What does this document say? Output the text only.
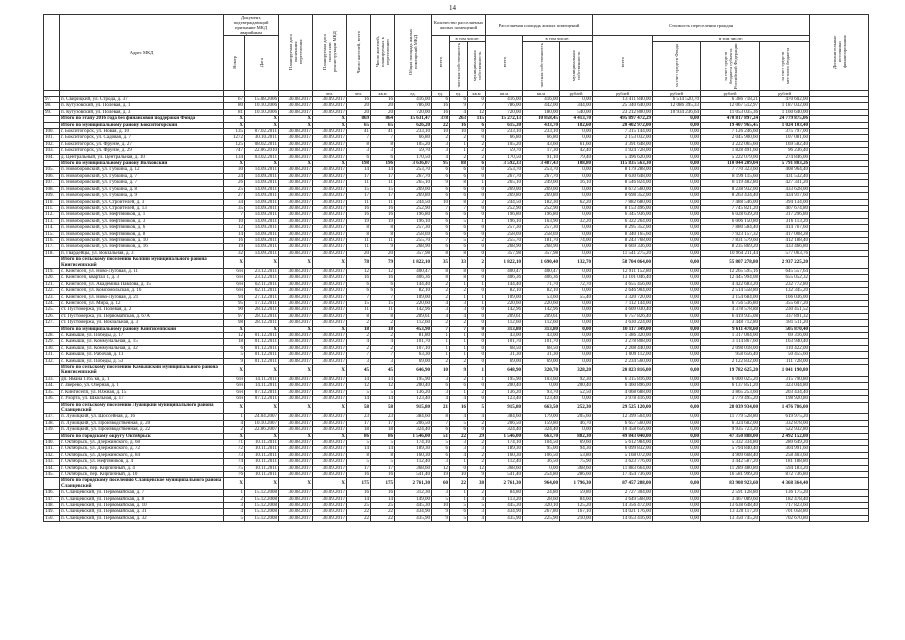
14
	Адрес МКД	Документ, подтверждающий признание МКД аварийным		Планируемая дата окончания переселения	Планируемая дата сноса или реконструкции МКД	Число жителей, всего	Число жителей, планируемых к переселению	Общая площадь жилых помещений МКД	Количество расселяемых жилых помещений			Расселяемая площадь жилых помещений			Стоимость переселения граждан				Дополнительные источники финансирования
		Номер	Дата						всего	в том числе:		всего	в том числе:		всего	в том числе:			
										частная собственность	муниципальная собственность		частная собственность	муниципальная собственность		за счет средств Фонда	за счет средств бюджета субъекта Российской Федерации	за счет средств местного бюджета	
					чел.	чел.	кв.м	ед.	ед.	ед.	кв.м	кв.м	кв.м	рублей	рублей	рублей	рублей	рублей	
97.	п. Свирицкий, ул. Строда, д. 37	67	15.08.2006	30.08.2017	30.09.2017	16	16	416,00	6	6	0	416,00	416,00	0,00	13 411 840,00	6 514 520,70	6 386 718,21	470 602,00	
98.	п. Кутузовский, ул. Полевая, д. 1	80	10.10.2006	30.08.2017	30.09.2017	20	20	786,00	16	9	7	786,00	442,00	344,00	25 340 640,00	12 086 395,33	12 067 512,97	1 187 032,00	
99.	п. Кутузовский, ул. Полевая, д. 3	81	10.10.2006	30.08.2017	30.09.2017	20	20	720,00	16	4	12	720,00	180,00	540,00	23 212 800,00	10 934 236,64	11 053 035,36	1 160 640,00	
	Итого по этапу 2016 года без финансовой поддержки Фонда	X	X	X	X	869	864	15 631,47	378	263	115	15 272,13	10 858,45	4 413,70	495 897 472,29	0,00	470 817 897,24	24 779 875,06	
	Итого по муниципальному району Бокситогорский	X	X	X	X	65	65	626,20	22	16	6	615,30	433,70	182,60	20 402 972,00	0,00	19 407 965,45	1 024 103,40	
100.	г. Бокситогорск, ул. Новая, д. 10	135	07.02.2011	30.08.2017	30.09.2017	41	41	233,10	10	10	0	233,10	233,10	0,00	7 315 144,00	0,00	7 126 246,60	375 797,00	
101.	г. Бокситогорск, ул. Садовая, д. 7	1272	30.10.2011	30.08.2017	30.09.2017	7	7	66,80	2	2	0	66,80	66,80	0,00	2 153 032,00	0,00	2 045 900,60	107 081,60	
102.	г. Бокситогорск, ул. Фрунзе, д. 27	125	08.02.2011	30.08.2017	30.09.2017	8	8	105,20	3	1	2	105,20	43,60	61,60	3 391 648,00	0,00	3 222 065,60	169 582,40	
103.	г. Бокситогорск, ул. Фрунзе, д. 29	747	22.06.2010	30.08.2017	30.09.2017	3	3	59,70	3	1	2	59,70	17,30	42,40	1 924 728,00	0,00	1 828 491,60	96 236,40	
104.	д. Центральный, ул. Центральная, д. 10	134	03.02.2011	30.08.2017	30.09.2017	6	6	170,50	4	2	2	170,50	91,10	79,40	5 496 620,00	0,00	5 222 079,00	274 846,00	
	Итого по муниципальному району Волховский	X	X	X	X	198	196	3 636,07	95	88	6	3 592,33	3 487,43	108,80	115 835 563,30	0,00	110 044 209,04	5 791 803,26	
105.	п. Новоборовский, ул. Губкина, д. 12	30	14.09.2011	30.08.2017	30.09.2017	14	14	253,70	6	6	0	253,70	253,70	0,00	8 179 288,00	0,00	7 770 323,60	408 964,40	
106.	п. Новоборовский, ул. Губкина, д. 7	24	14.09.2011	30.08.2017	30.09.2017	17	17	267,70	6	6	0	267,70	267,70	0,00	8 630 648,00	0,00	8 199 115,60	431 532,40	
107.	п. Новоборовский, ул. Губкина, д. 7	26	14.09.2011	30.08.2017	30.09.2017	11	11	265,10	9	8	1	265,10	249,00	16,10	8 546 824,00	0,00	8 119 482,80	427 341,20	
108.	п. Новоборовский, ул. Губкина, д. 8	25	14.09.2011	30.08.2017	30.09.2017	15	15	269,00	6	6	0	269,00	269,00	0,00	8 672 560,00	0,00	8 238 932,00	433 628,00	
109.	п. Новоборовский, ул. Губкина, д. 9	27	14.09.2011	30.08.2017	30.09.2017	17	17	269,80	6	6	0	269,80	269,80	0,00	8 698 352,00	0,00	8 263 434,40	434 917,60	
110.	п. Новоборовский, ул. Строителей, д. 3	34	14.09.2011	30.08.2017	30.09.2017	11	11	244,50	10	8	2	244,50	182,30	62,20	7 882 680,00	0,00	7 488 546,00	394 134,00	
111.	п. Новоборовский, ул. Строителей, д. 13	35	14.09.2011	30.08.2017	30.09.2017	16	16	252,90	7	7	0	252,90	252,90	0,00	8 153 496,00	0,00	7 745 821,20	407 674,80	
112.	п. Новоборовский, ул. Нефтяников, д. 1	7	14.09.2011	30.08.2017	30.09.2017	16	16	196,80	6	6	0	196,80	196,80	0,00	6 345 936,00	0,00	6 028 639,20	317 296,80	
113.	п. Новоборовский, ул. Нефтяников, д. 3	10	14.09.2011	30.08.2017	30.09.2017	19	19	196,10	6	5	1	196,10	163,90	32,20	6 322 264,00	0,00	6 006 150,80	316 113,20	
114.	п. Новоборовский, ул. Нефтяников, д. 6	12	14.09.2011	30.08.2017	30.09.2017	8	8	257,30	6	6	0	257,30	257,30	0,00	8 295 352,00	0,00	7 880 584,40	414 767,60	
115.	п. Новоборовский, ул. Нефтяников, д. 8	14	14.09.2011	30.08.2017	30.09.2017	8	8	258,69	6	6	0	258,69	258,69	0,00	8 340 165,60	0,00	7 923 157,32	417 008,28	
116.	п. Новоборовский, ул. Нефтяников, д. 10	16	14.09.2011	30.08.2017	30.09.2017	11	11	255,70	7	5	2	255,70	181,70	74,00	8 243 768,00	0,00	7 831 579,60	412 188,40	
117.	п. Новоборовский, ул. Нефтяников, д. 16	19	14.09.2011	30.08.2017	30.09.2017	11	9	268,90	6	6	0	268,90	268,90	0,00	8 669 336,00	0,00	8 235 869,20	433 466,80	
118.	п. Гвардейцы, ул. Вокзальная, д. 3	32	14.09.2011	30.08.2017	30.09.2017	20	20	357,98	8	8	0	357,98	357,98	0,00	11 541 275,20	0,00	10 964 211,44	577 063,76	
	Итого по сельскому поселению Колпин муниципального района Кингисеппский	X	X	X	X	78	79	1 822,10	35	33	2	1 822,10	1 690,40	132,70	58 704 064,00	0,00	55 807 278,80	2 937 225,20	
119.	с. Кингисеп, ул. Ново-Луговая, д. 11	6/н	23.12.2011	30.08.2017	30.09.2017	12	12	400,47	8	8	0	400,47	400,47	0,00	12 911 152,80	0,00	12 265 595,16	645 557,64	
120.	с. Кингисеп, квартал 1, д. 3	6/н	23.12.2011	30.08.2017	30.09.2017	16	16	406,36	8	8	0	406,36	406,36	0,00	13 101 046,40	0,00	12 445 994,08	655 052,32	
121.	с. Кингисеп, ул. Академика Павлова, д. 15	6/н	02.11.2011	30.08.2017	30.09.2017	6	6	144,40	2	1	1	144,40	71,70	72,70	4 655 456,00	0,00	4 422 683,20	232 772,80	
122.	с. Кингисеп, ул. Комсомольская, д. 16	6/н	02.11.2011	30.08.2017	30.09.2017	6	6	82,10	2	2	0	82,10	82,10	0,00	2 646 904,00	0,00	2 514 558,80	132 345,20	
123.	с. Кингисеп, ул. Ново-Луговая, д. 21	94	27.12.2011	30.08.2017	30.09.2017	7	7	109,00	2	1	1	109,00	53,60	55,40	3 320 720,00	0,00	3 154 684,00	166 036,00	
124.	с. Кингисеп, ул. Мира, д. 12	95	17.12.2011	30.08.2017	30.09.2017	15	15	220,60	4	3	1	220,60	220,60	0,00	7 112 144,00	0,00	6 756 536,80	355 607,20	
125.	ст. Пустомержа, ул. Полевая, д. 2	90	28.12.2011	30.08.2017	30.09.2017	11	11	142,96	3	3	0	142,96	142,96	0,00	4 609 030,40	0,00	4 378 578,88	230 451,52	
126.	ст. Пустомержа, ул. Первомайская, д. 67А	97	28.12.2011	30.08.2017	30.09.2017	8	8	209,61	4	4	0	209,61	209,61	0,00	6 757 826,40	0,00	6 419 935,08	337 891,32	
127.	ст. Пустомержа, ул. Вокзальная, д. 3	98	28.12.2011	30.08.2017	30.09.2017	2	2	112,60	2	2	0	112,60	112,60	0,00	3 630 224,00	0,00	3 448 712,80	181 511,20	
	Итого по муниципальному району Кингисеппский	X	X	X	X	18	18	453,90	7	7	0	313,80	313,80	0,00	10 117 349,00	0,00	9 611 478,60	505 870,40	
128.	с. Камыши, ул. Победы, д. 17	12	01.12.2011	30.08.2017	30.09.2017	2	2	81,80	1	1	0	43,00	43,00	0,00	1 386 320,00	0,00	1 317 004,00	69 316,00	
129.	с. Камыши, ул. Коммунальная, д. 15	18	01.12.2011	30.08.2017	30.09.2017	4	4	101,70	1	1	0	101,70	101,70	0,00	3 278 808,00	0,00	3 114 867,60	163 940,40	
130.	с. Камыши, ул. Коммунальная, д. 32	6	01.12.2011	30.08.2017	30.09.2017	2	2	107,10	1	1	0	68,50	68,50	0,00	2 208 440,00	0,00	2 098 018,00	110 422,00	
131.	с. Камыши, ул. Рабочая, д. 11	5	01.12.2011	30.08.2017	30.09.2017	7	7	63,30	1	1	0	31,30	31,30	0,00	1 009 112,00	0,00	958 656,40	50 455,60	
132.	с. Камыши, ул. Победы, д. 53	9	01.12.2011	30.08.2017	30.09.2017	3	3	69,00	2	2	0	69,00	69,00	0,00	2 234 560,00	0,00	2 122 832,00	111 728,00	
	Итого по сельскому поселению Камышский муниципального района Кингисеппский	X	X	X	X	45	45	646,90	10	9	1	648,90	320,70	328,20	20 823 816,00	0,00	19 782 625,20	1 041 190,80	
133.	дп. Ямана 1165 кв, д. 1	6/н	14.11.2011	30.08.2017	30.09.2017	14	14	195,90	3	2	1	195,90	103,60	92,30	6 315 816,00	0,00	6 000 025,20	315 790,80	
134.	г. Зверево, ул. Озерная, д. 1	6/н	14.11.2011	30.08.2017	30.09.2017	12	12	200,40	6	6	0	200,40	0,00	200,40	6 460 896,00	0,00	6 137 851,20	323 044,80	
135.	г. Кингисепп, ул. Южная, д. 15	6/н	07.12.2011	30.08.2017	30.09.2017	5	5	136,20	3	1	2	136,20	93,70	52,50	4 068 688,00	0,00	3 865 253,60	203 434,40	
136.	г. Ухорта, ул. Школьная, д. 17	6/н	07.12.2011	30.08.2017	30.09.2017	14	14	123,40	4	4	0	123,40	123,40	0,00	3 978 416,00	0,00	3 779 495,20	198 920,80	
	Итого по сельскому поселению Лужицкий муниципального района Сланцевский	X	X	X	X	58	58	915,80	21	16	5	915,80	663,50	252,30	29 525 120,00	0,00	28 039 934,00	1 476 786,00	
137.	п. Лужицкий, ул. Шоссейная, д. 16	1	24.04.2007	30.08.2017	30.09.2017	23	23	384,60	8	4	4	384,60	179,00	205,60	12 399 504,00	0,00	11 779 528,80	619 975,20	
138.	п. Лужицкий, ул. Производственная, д. 20	4	10.10.2007	30.08.2017	30.09.2017	17	17	206,50	7	5	2	206,50	159,80	46,70	6 657 560,00	0,00	6 324 682,00	332 878,00	
139.	п. Лужицкий, ул. Производственная, д. 22	2	22.06.2007	30.08.2017	30.09.2017	18	18	324,40	6	6	0	324,40	324,40	0,00	10 458 656,00	0,00	9 935 723,20	522 932,80	
	Итого по городскому округу Октябрьск	X	X	X	X	86	86	1 546,00	51	22	29	1 546,00	663,70	882,30	49 843 040,00	0,00	47 350 888,00	2 492 152,00	
140.	г. Октябрьск, ул. Дзержинского, д. 68	71	10.11.2011	30.08.2017	30.09.2017	5	5	174,10	5	3	2	174,10	104,50	69,60	5 612 984,00	0,00	5 332 334,80	280 649,20	
141.	г. Октябрьск, ул. Дзержинского, д. 72	72	10.11.2011	30.08.2017	30.09.2017	14	14	189,30	6	3	3	189,30	95,00	94,30	6 099 832,00	0,00	5 794 840,40	304 991,60	
142.	г. Октябрьск, ул. Дзержинского, д. 84	73	10.11.2011	30.08.2017	30.09.2017	8	8	160,30	6	4	2	160,30	106,50	53,80	5 168 072,00	0,00	4 909 668,40	258 403,60	
143.	г. Октябрьск, ул. Нефтяников, д. 4	74	10.11.2011	30.08.2017	30.09.2017	5	5	112,40	3	1	2	112,40	36,50	75,90	3 623 776,00	0,00	3 442 587,20	181 188,80	
144.	г. Октябрьск, пер. Кирпичный, д. 4	75	10.11.2011	30.08.2017	30.09.2017	17	17	368,60	12	0	12	368,60	0,00	368,60	11 883 664,00	0,00	11 289 480,80	594 183,20	
145.	г. Октябрьск, пер. Кирпичный, д. 10	76	10.11.2011	30.08.2017	30.09.2017	16	16	541,40	19	10	9	541,40	254,80	286,60	17 454 736,00	0,00	16 581 999,20	872 736,80	
	Итого по городскому поселению Сланцевское муниципального района Сланцевский	X	X	X	X	175	175	2 761,30	60	22	38	2 761,30	964,00	1 796,30	87 457 288,00	0,00	83 908 923,60	4 368 364,40	
146.	п. Сланцевский, ул. Первомайская, д. 7	1	15.12.2008	30.08.2017	30.09.2017	16	16	312,30	3	1	2	84,80	24,80	59,80	2 727 304,00	0,00	2 591 128,80	136 175,20	
147.	п. Сланцевский, ул. Первомайская, д. 8	2	15.12.2008	30.08.2017	30.09.2017	14	14	149,00	5	1	4	113,20	28,60	84,60	3 649 568,00	0,00	3 467 089,60	182 478,40	
148.	п. Сланцевский, ул. Первомайская, д. 10	3	15.12.2008	30.08.2017	30.09.2017	25	25	445,30	10	5	5	445,30	320,10	125,20	14 356 472,00	0,00	13 638 648,40	717 823,60	
149.	п. Сланцевский, ул. Первомайская, д. 31	4	15.12.2008	30.08.2017	30.09.2017	22	22	434,90	9	6	3	434,90	267,80	167,10	14 021 176,00	0,00	13 320 117,20	701 058,80	
150.	п. Сланцевский, ул. Первомайская, д. 32	5	15.12.2008	30.08.2017	30.09.2017	22	22	435,90	9	5	4	435,90	225,90	210,00	14 053 416,00	0,00	13 350 745,20	702 670,80	
